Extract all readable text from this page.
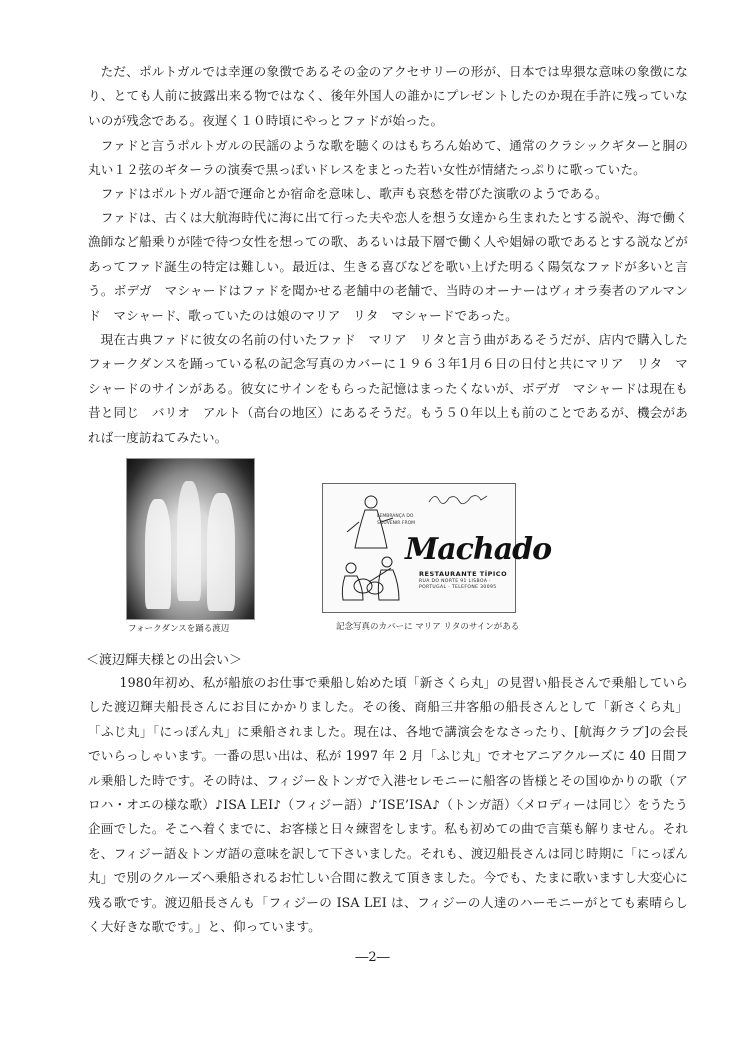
ただ、ポルトガルでは幸運の象徴であるその金のアクセサリーの形が、日本では卑猥な意味の象徴になり、とても人前に披露出来る物ではなく、後年外国人の誰かにプレゼントしたのか現在手許に残っていないのが残念である。夜遅く１０時頃にやっとファドが始った。

ファドと言うポルトガルの民謡のような歌を聴くのはもちろん始めて、通常のクラシックギターと胴の丸い１２弦のギターラの演奏で黒っぽいドレスをまとった若い女性が情緒たっぷりに歌っていた。

ファドはポルトガル語で運命とか宿命を意味し、歌声も哀愁を帯びた演歌のようである。

ファドは、古くは大航海時代に海に出て行った夫や恋人を想う女達から生まれたとする説や、海で働く漁師など船乗りが陸で待つ女性を想っての歌、あるいは最下層で働く人や娼婦の歌であるとする説などがあってファド誕生の特定は難しい。最近は、生きる喜びなどを歌い上げた明るく陽気なファドが多いと言う。ボデガ　マシャードはファドを聞かせる老舗中の老舗で、当時のオーナーはヴィオラ奏者のアルマンド　マシャード、歌っていたのは娘のマリア　リタ　マシャードであった。

現在古典ファドに彼女の名前の付いたファド　マリア　リタと言う曲があるそうだが、店内で購入したフォークダンスを踊っている私の記念写真のカバーに１９６３年1月６日の日付と共にマリア　リタ　マシャードのサインがある。彼女にサインをもらった記憶はまったくないが、ボデガ　マシャードは現在も昔と同じ　バリオ　アルト（高台の地区）にあるそうだ。もう５０年以上も前のことであるが、機会があれば一度訪ねてみたい。

フォークダンスを踊る渡辺
LEMBRANÇA DO
SOUVENIR FROM
Machado
RESTAURANTE TÍPICO
RUA DO NORTE 91 LISBOA · PORTUGAL · TELEFONE 30095
記念写真のカバーに マリア リタのサインがある
＜渡辺輝夫様との出会い＞

1980年初め、私が船旅のお仕事で乗船し始めた頃「新さくら丸」の見習い船長さんで乗船していらした渡辺輝夫船長さんにお目にかかりました。その後、商船三井客船の船長さんとして「新さくら丸」「ふじ丸」「にっぽん丸」に乗船されました。現在は、各地で講演会をなさったり、[航海クラブ]の会長でいらっしゃいます。一番の思い出は、私が 1997 年 2 月「ふじ丸」でオセアニアクルーズに 40 日間フル乗船した時です。その時は、フィジー＆トンガで入港セレモニーに船客の皆様とその国ゆかりの歌（アロハ・オエの様な歌）♪ISA LEI♪（フィジー語）♪’ISE’ISA♪（トンガ語）〈メロディーは同じ〉をうたう企画でした。そこへ着くまでに、お客様と日々練習をします。私も初めての曲で言葉も解りません。それを、フィジー語＆トンガ語の意味を訳して下さいました。それも、渡辺船長さんは同じ時期に「にっぽん丸」で別のクルーズへ乗船されるお忙しい合間に教えて頂きました。今でも、たまに歌いますし大変心に残る歌です。渡辺船長さんも「フィジーの ISA LEI は、フィジーの人達のハーモニーがとても素晴らしく大好きな歌です。」と、仰っています。

―2―
